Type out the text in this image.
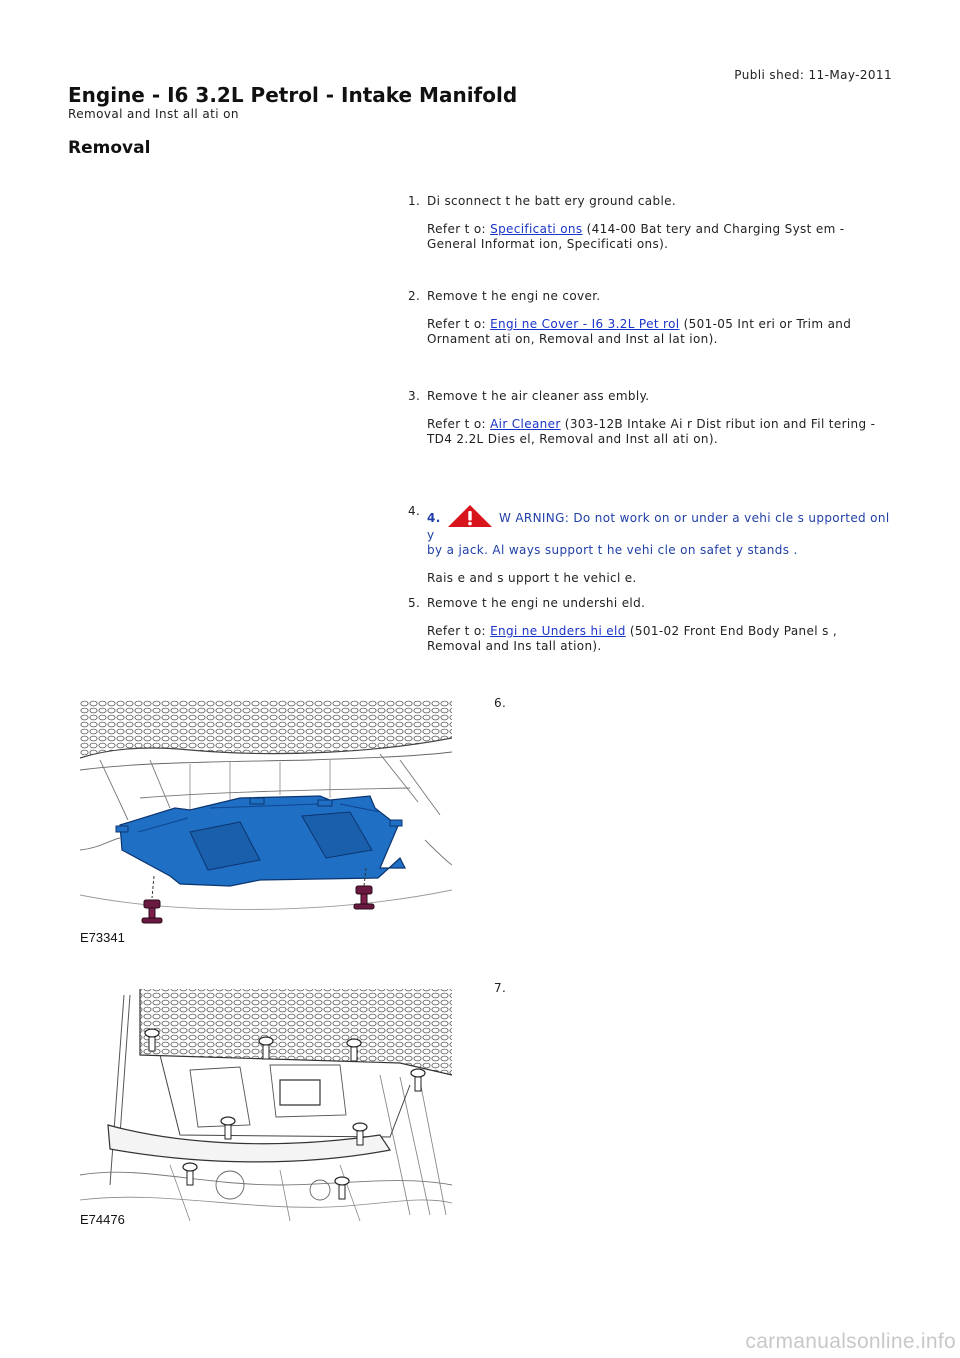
Publi shed: 11-May-2011
Engine - I6 3.2L Petrol - Intake Manifold
Removal and Inst all ati on
Removal
1. Di sconnect t he batt ery ground cable.

Refer t o: Specificati ons (414-00 Bat tery and Charging Syst em -
General Informat ion, Specificati ons).

2. Remove t he engi ne cover.

Refer t o: Engi ne Cover - I6 3.2L Pet rol (501-05 Int eri or Trim and
Ornament ati on, Removal and Inst al lat ion).

3. Remove t he air cleaner ass embly.

Refer t o: Air Cleaner (303-12B Intake Ai r Dist ribut ion and Fil tering -
TD4 2.2L Dies el, Removal and Inst all ati on).

4. 4.	W ARNING: Do not work on or under a vehi cle s upported onl y
by a jack. Al ways support t he vehi cle on safet y stands .

Rais e and s upport t he vehicl e.

5. Remove t he engi ne undershi eld.

Refer t o: Engi ne Unders hi eld (501-02 Front End Body Panel s ,
Removal and Ins tall ation).

6.
7.
E73341
E74476
carmanualsonline.info
